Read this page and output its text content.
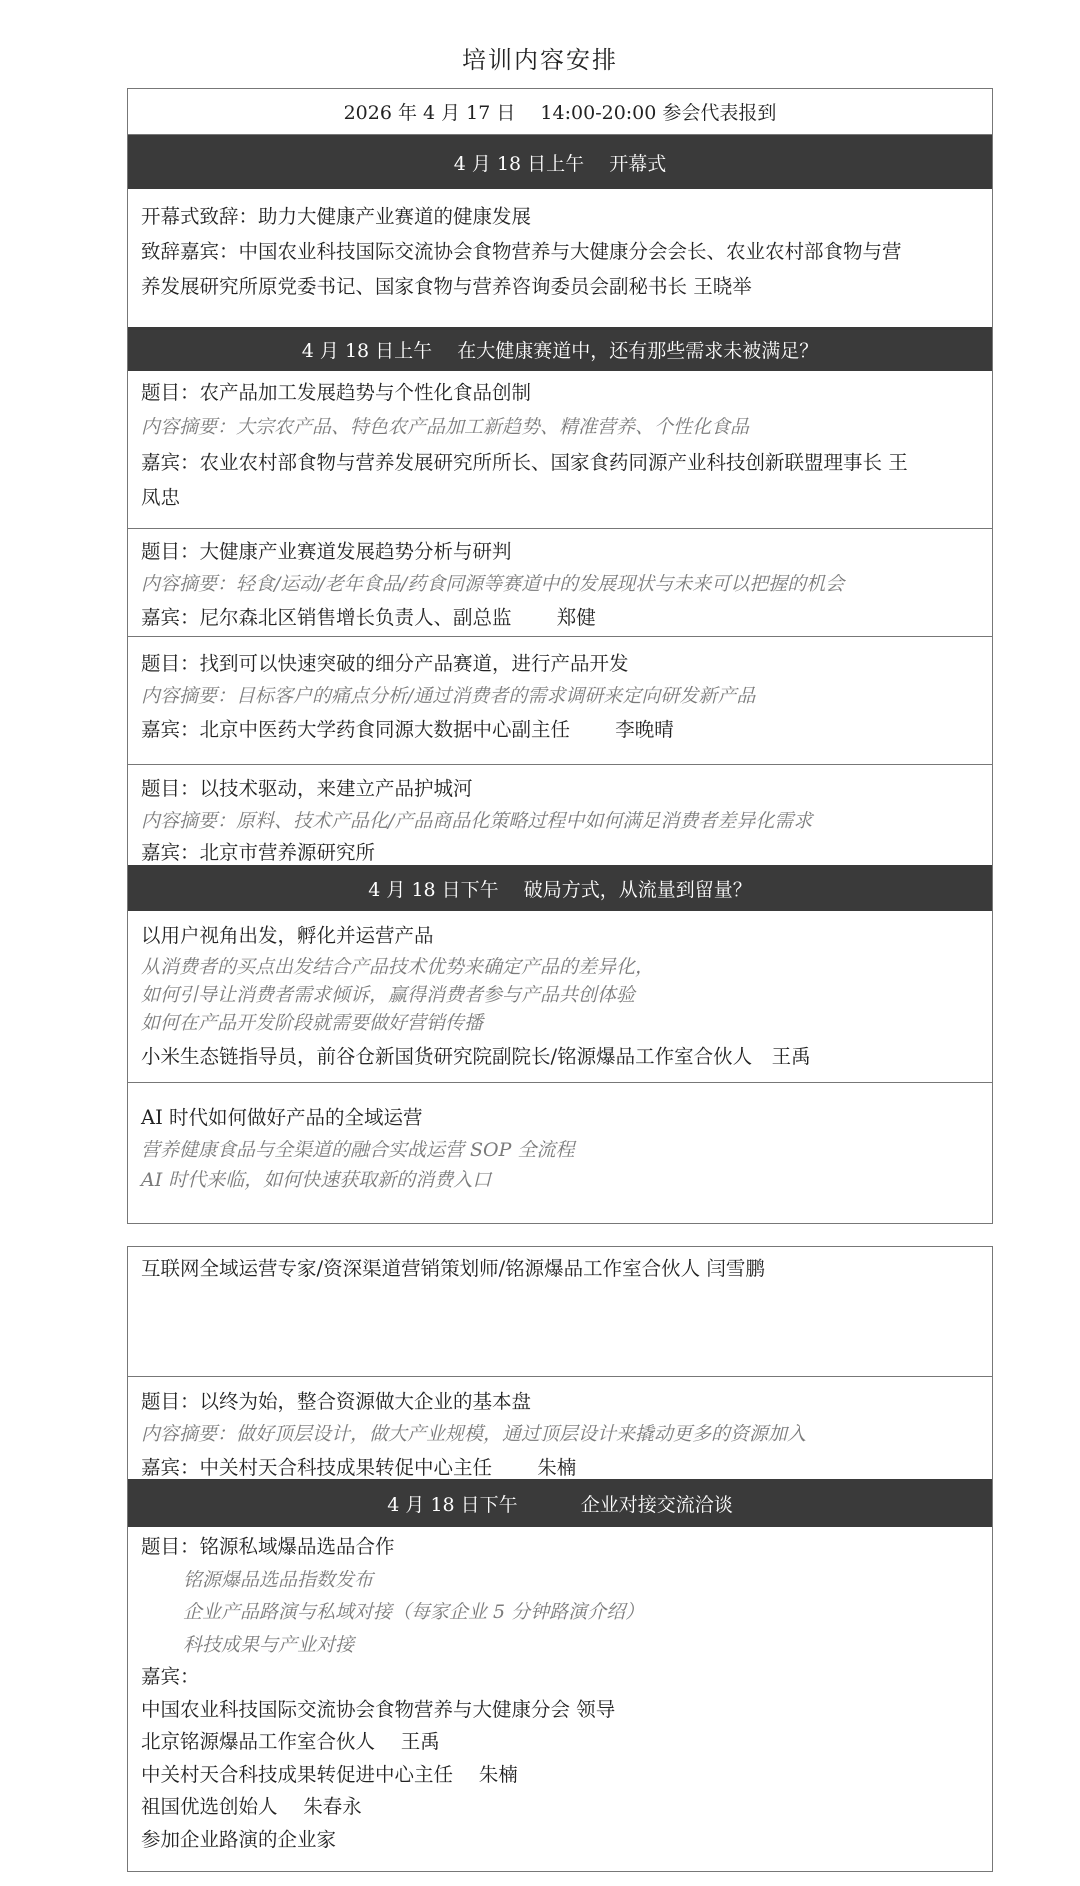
培训内容安排
2026 年 4 月 17 日　 14:00-20:00 参会代表报到
4 月 18 日上午　 开幕式
开幕式致辞：助力大健康产业赛道的健康发展
致辞嘉宾：中国农业科技国际交流协会食物营养与大健康分会会长、农业农村部食物与营
养发展研究所原党委书记、国家食物与营养咨询委员会副秘书长 王晓举
4 月 18 日上午　 在大健康赛道中，还有那些需求未被满足？
题目：农产品加工发展趋势与个性化食品创制
内容摘要：大宗农产品、特色农产品加工新趋势、精准营养、个性化食品
嘉宾：农业农村部食物与营养发展研究所所长、国家食药同源产业科技创新联盟理事长 王
凤忠
题目：大健康产业赛道发展趋势分析与研判
内容摘要：轻食/运动/老年食品/药食同源等赛道中的发展现状与未来可以把握的机会
嘉宾：尼尔森北区销售增长负责人、副总监　　 郑健
题目：找到可以快速突破的细分产品赛道，进行产品开发
内容摘要：目标客户的痛点分析/通过消费者的需求调研来定向研发新产品
嘉宾：北京中医药大学药食同源大数据中心副主任　　 李晚晴
题目：以技术驱动，来建立产品护城河
内容摘要：原料、技术产品化/产品商品化策略过程中如何满足消费者差异化需求
嘉宾：北京市营养源研究所
4 月 18 日下午　 破局方式，从流量到留量？
以用户视角出发，孵化并运营产品
从消费者的买点出发结合产品技术优势来确定产品的差异化，
如何引导让消费者需求倾诉，赢得消费者参与产品共创体验
如何在产品开发阶段就需要做好营销传播
小米生态链指导员，前谷仓新国货研究院副院长/铭源爆品工作室合伙人　王禹
AI 时代如何做好产品的全域运营
营养健康食品与全渠道的融合实战运营 SOP 全流程
AI 时代来临，如何快速获取新的消费入口
互联网全域运营专家/资深渠道营销策划师/铭源爆品工作室合伙人 闫雪鹏
题目：以终为始，整合资源做大企业的基本盘
内容摘要：做好顶层设计，做大产业规模，通过顶层设计来撬动更多的资源加入
嘉宾：中关村天合科技成果转促中心主任　　 朱楠
4 月 18 日下午　　　 企业对接交流洽谈
题目：铭源私域爆品选品合作
铭源爆品选品指数发布
企业产品路演与私域对接（每家企业 5 分钟路演介绍）
科技成果与产业对接
嘉宾：
中国农业科技国际交流协会食物营养与大健康分会 领导
北京铭源爆品工作室合伙人　 王禹
中关村天合科技成果转促进中心主任　 朱楠
祖国优选创始人　 朱春永
参加企业路演的企业家
